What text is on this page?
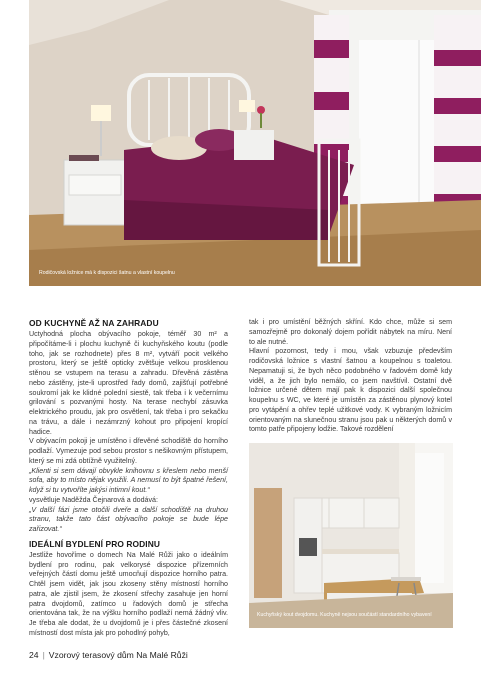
Rodičovská ložnice má k dispozici šatnu a vlastní koupelnu
OD KUCHYNĚ AŽ NA ZAHRADU

Uctyhodná plocha obývacího pokoje, téměř 30 m² a připočítáme-li i plochu kuchyně či kuchyňského koutu (podle toho, jak se rozhodnete) přes 8 m², vytváří pocit velkého prostoru, který se ještě opticky zvětšuje velkou prosklenou stěnou se vstupem na terasu a zahradu. Dřevěná zástěna nebo zástěny, jste-li uprostřed řady domů, zajišťují potřebné soukromí jak ke klidné polední siestě, tak třeba i k večernímu grilování s pozvanými hosty. Na terase nechybí zásuvka elektrického proudu, jak pro osvětlení, tak třeba i pro sekačku na trávu, a dále i nezámrzný kohout pro připojení kropící hadice.

V obývacím pokoji je umístěno i dřevěné schodiště do horního podlaží. Vymezuje pod sebou prostor s nešikovným přístupem, který se mi zdá obtížně využitelný.

„Klienti si sem dávají obvykle knihovnu s křeslem nebo menší sofa, aby to místo nějak využili. A nemusí to být špatné řešení, když si tu vytvoříte jakýsi intimní kout.“

vysvětluje Naděžda Čejnarová a dodává:

„V další fázi jsme otočili dveře a další schodiště na druhou stranu, takže tato část obývacího pokoje se bude lépe zařizovat.“

IDEÁLNÍ BYDLENÍ PRO RODINU

Jestliže hovoříme o domech Na Malé Růži jako o ideálním bydlení pro rodinu, pak velkorysé dispozice přízemních veřejných částí domu ještě umocňují dispozice horního patra. Chtěl jsem vidět, jak jsou zkoseny stěny místností horního patra, ale zjistil jsem, že zkosení střechy zasahuje jen horní patra dvojdomů, zatímco u řadových domů je střecha orientována tak, že na výšku horního podlaží nemá žádný vliv. Je třeba ale dodat, že u dvojdomů je i přes částečné zkosení místností dost místa jak pro pohodlný pohyb,

tak i pro umístění běžných skříní. Kdo chce, může si sem samozřejmě pro dokonalý dojem pořídit nábytek na míru. Není to ale nutné.

Hlavní pozornost, tedy i mou, však vzbuzuje především rodičovská ložnice s vlastní šatnou a koupelnou s toaletou. Nepamatuji si, že bych něco podobného v řadovém domě kdy viděl, a že jich bylo nemálo, co jsem navštívil. Ostatní dvě ložnice určené dětem mají pak k dispozici další společnou koupelnu s WC, ve které je umístěn za zástěnou plynový kotel pro vytápění a ohřev teplé užitkové vody. K vybraným ložnicím orientovaným na slunečnou stranu jsou pak u některých domů v tomto patře připojeny lodžie. Takové rozdělení

Kuchyňský kout dvojdomu. Kuchyně nejsou součástí standardního vybavení
24 | Vzorový terasový dům Na Malé Růži
